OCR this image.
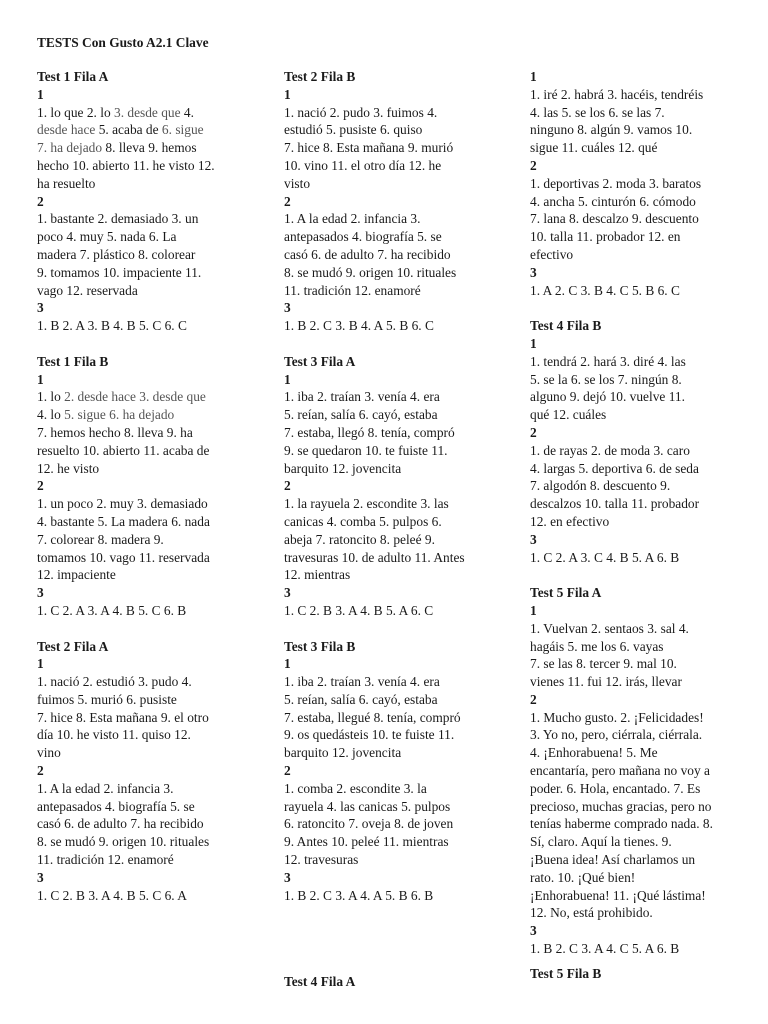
TESTS Con Gusto A2.1 Clave
Test 1 Fila A
1
1. lo que 2. lo 3. desde que 4.
desde hace 5. acaba de 6. sigue
7. ha dejado 8. lleva 9. hemos
hecho 10. abierto 11. he visto 12.
ha resuelto
2
1. bastante 2. demasiado 3. un
poco 4. muy 5. nada 6. La
madera 7. plástico 8. colorear
9. tomamos 10. impaciente 11.
vago 12. reservada
3
1. B 2. A 3. B 4. B 5. C 6. C
Test 1 Fila B
1
1. lo 2. desde hace 3. desde que
4. lo 5. sigue 6. ha dejado
7. hemos hecho 8. lleva 9. ha
resuelto 10. abierto 11. acaba de
12. he visto
2
1. un poco 2. muy 3. demasiado
4. bastante 5. La madera 6. nada
7. colorear 8. madera 9.
tomamos 10. vago 11. reservada
12. impaciente
3
1. C 2. A 3. A 4. B 5. C 6. B
Test 2 Fila A
1
1. nació 2. estudió 3. pudo 4.
fuimos 5. murió 6. pusiste
7. hice 8. Esta mañana 9. el otro
día 10. he visto 11. quiso 12.
vino
2
1. A la edad 2. infancia 3.
antepasados 4. biografía 5. se
casó 6. de adulto 7. ha recibido
8. se mudó 9. origen 10. rituales
11. tradición 12. enamoré
3
1. C 2. B 3. A 4. B 5. C 6. A
Test 2 Fila B
1
1. nació 2. pudo 3. fuimos 4.
estudió 5. pusiste 6. quiso
7. hice 8. Esta mañana 9. murió
10. vino 11. el otro día 12. he
visto
2
1. A la edad 2. infancia 3.
antepasados 4. biografía 5. se
casó 6. de adulto 7. ha recibido
8. se mudó 9. origen 10. rituales
11. tradición 12. enamoré
3
1. B 2. C 3. B 4. A 5. B 6. C
Test 3 Fila A
1
1. iba 2. traían 3. venía 4. era
5. reían, salía 6. cayó, estaba
7. estaba, llegó 8. tenía, compró
9. se quedaron 10. te fuiste 11.
barquito 12. jovencita
2
1. la rayuela 2. escondite 3. las
canicas 4. comba 5. pulpos 6.
abeja 7. ratoncito 8. peleé 9.
travesuras 10. de adulto 11. Antes
12. mientras
3
1. C 2. B 3. A 4. B 5. A 6. C
Test 3 Fila B
1
1. iba 2. traían 3. venía 4. era
5. reían, salía 6. cayó, estaba
7. estaba, llegué 8. tenía, compró
9. os quedásteis 10. te fuiste 11.
barquito 12. jovencita
2
1. comba 2. escondite 3. la
rayuela 4. las canicas 5. pulpos
6. ratoncito 7. oveja 8. de joven
9. Antes 10. peleé 11. mientras
12. travesuras
3
1. B 2. C 3. A 4. A 5. B 6. B
1
1. iré 2. habrá 3. hacéis, tendréis
4. las 5. se los 6. se las 7.
ninguno 8. algún 9. vamos 10.
sigue 11. cuáles 12. qué
2
1. deportivas 2. moda 3. baratos
4. ancha 5. cinturón 6. cómodo
7. lana 8. descalzo 9. descuento
10. talla 11. probador 12. en
efectivo
3
1. A 2. C 3. B 4. C 5. B 6. C
Test 4 Fila B
1
1. tendrá 2. hará 3. diré 4. las
5. se la 6. se los 7. ningún 8.
alguno 9. dejó 10. vuelve 11.
qué 12. cuáles
2
1. de rayas 2. de moda 3. caro
4. largas 5. deportiva 6. de seda
7. algodón 8. descuento 9.
descalzos 10. talla 11. probador
12. en efectivo
3
1. C 2. A 3. C 4. B 5. A 6. B
Test 5 Fila A
1
1. Vuelvan 2. sentaos 3. sal 4.
hagáis 5. me los 6. vayas
7. se las 8. tercer 9. mal 10.
vienes 11. fui 12. irás, llevar
2
1. Mucho gusto. 2. ¡Felicidades!
3. Yo no, pero, ciérrala, ciérrala.
4. ¡Enhorabuena! 5. Me
encantaría, pero mañana no voy a
poder. 6. Hola, encantado. 7. Es
precioso, muchas gracias, pero no
tenías haberme comprado nada. 8.
Sí, claro. Aquí la tienes. 9.
¡Buena idea! Así charlamos un
rato. 10. ¡Qué bien!
¡Enhorabuena! 11. ¡Qué lástima!
12. No, está prohibido.
3
1. B 2. C 3. A 4. C 5. A 6. B
Test 4 Fila A
Test 5 Fila B
